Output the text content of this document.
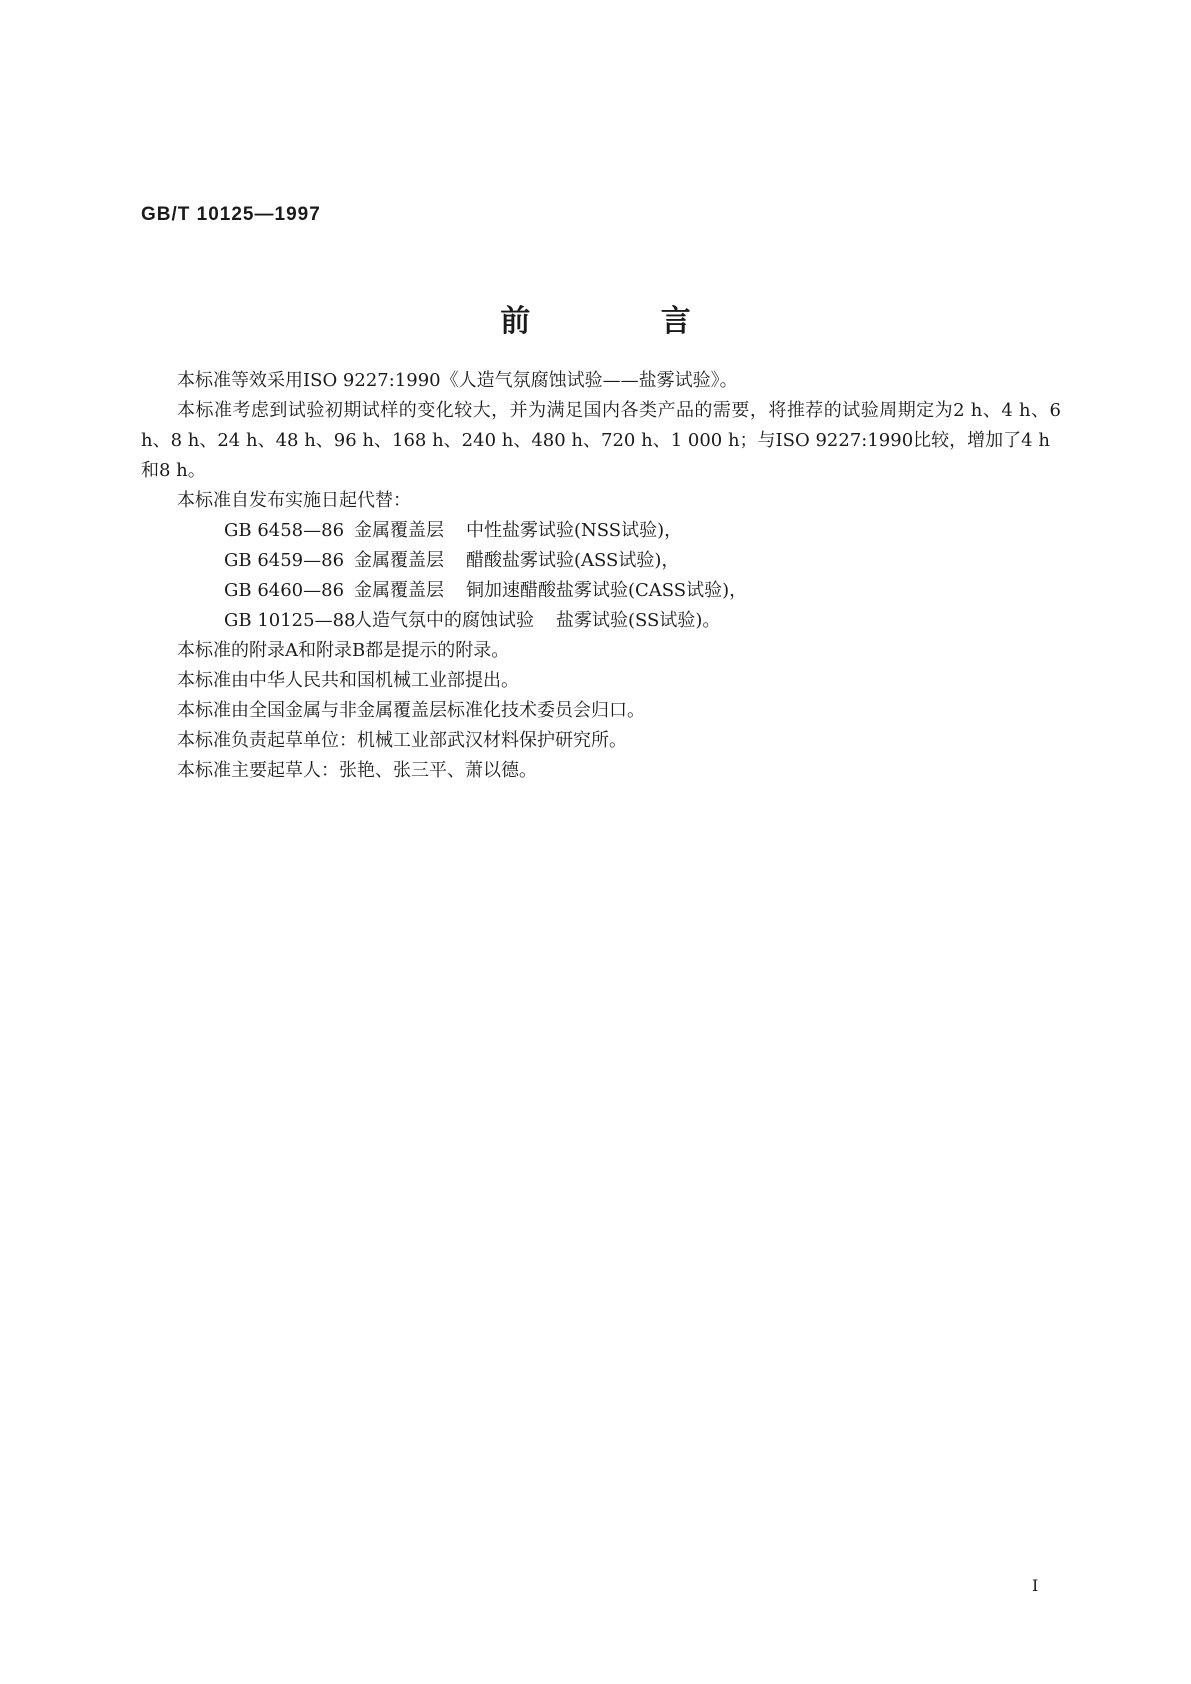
GB/T 10125—1997
前 言

本标准等效采用ISO 9227:1990《人造气氛腐蚀试验——盐雾试验》。

本标准考虑到试验初期试样的变化较大，并为满足国内各类产品的需要，将推荐的试验周期定为2 h、4 h、6 h、8 h、24 h、48 h、96 h、168 h、240 h、480 h、720 h、1 000 h；与ISO 9227:1990比较，增加了4 h

和8 h。

本标准自发布实施日起代替：

GB 6458—86 金属覆盖层 中性盐雾试验(NSS试验)，
GB 6459—86 金属覆盖层 醋酸盐雾试验(ASS试验)，
GB 6460—86 金属覆盖层 铜加速醋酸盐雾试验(CASS试验)，
GB 10125—88人造气氛中的腐蚀试验 盐雾试验(SS试验)。

本标准的附录A和附录B都是提示的附录。

本标准由中华人民共和国机械工业部提出。

本标准由全国金属与非金属覆盖层标准化技术委员会归口。

本标准负责起草单位：机械工业部武汉材料保护研究所。

本标准主要起草人：张艳、张三平、萧以德。

I
